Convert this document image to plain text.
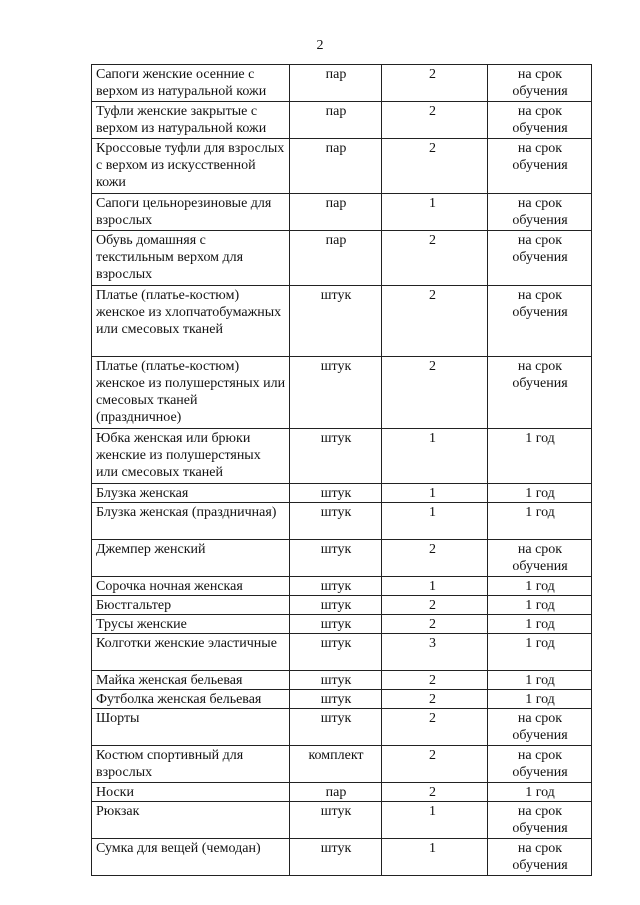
2
Сапоги женские осенние с верхом из натуральной кожи	пар	2	на срок обучения
Туфли женские закрытые с верхом из натуральной кожи	пар	2	на срок обучения
Кроссовые туфли для взрослых с верхом из искусственной кожи	пар	2	на срок обучения
Сапоги цельнорезиновые для взрослых	пар	1	на срок обучения
Обувь домашняя с текстильным верхом для взрослых	пар	2	на срок обучения
Платье (платье-костюм) женское из хлопчатобумажных или смесовых тканей	штук	2	на срок обучения
Платье (платье-костюм) женское из полушерстяных или смесовых тканей (праздничное)	штук	2	на срок обучения
Юбка женская или брюки женские из полушерстяных или смесовых тканей	штук	1	1 год
Блузка женская	штук	1	1 год
Блузка женская (праздничная)	штук	1	1 год
Джемпер женский	штук	2	на срок обучения
Сорочка ночная женская	штук	1	1 год
Бюстгальтер	штук	2	1 год
Трусы женские	штук	2	1 год
Колготки женские эластичные	штук	3	1 год
Майка женская бельевая	штук	2	1 год
Футболка женская бельевая	штук	2	1 год
Шорты	штук	2	на срок обучения
Костюм спортивный для взрослых	комплект	2	на срок обучения
Носки	пар	2	1 год
Рюкзак	штук	1	на срок обучения
Сумка для вещей (чемодан)	штук	1	на срок обучения
